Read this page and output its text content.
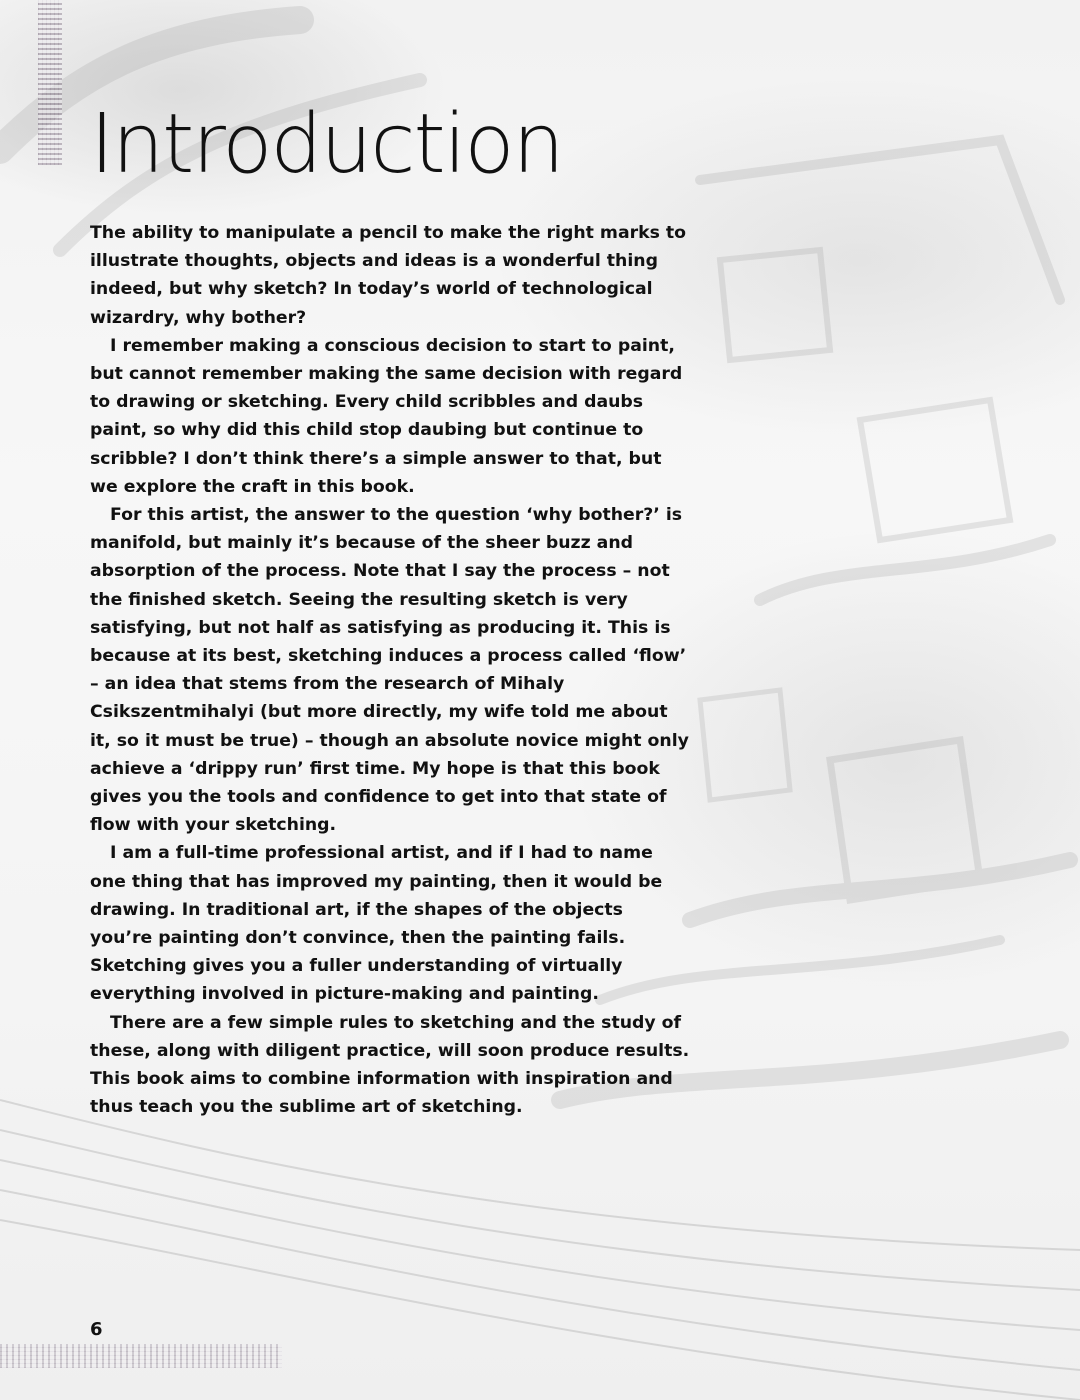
Introduction

The ability to manipulate a pencil to make the right marks to illustrate thoughts, objects and ideas is a wonderful thing indeed, but why sketch? In today’s world of technological wizardry, why bother?

I remember making a conscious decision to start to paint, but cannot remember making the same decision with regard to drawing or sketching. Every child scribbles and daubs paint, so why did this child stop daubing but continue to scribble? I don’t think there’s a simple answer to that, but we explore the craft in this book.

For this artist, the answer to the question ‘why bother?’ is manifold, but mainly it’s because of the sheer buzz and absorption of the process. Note that I say the process – not the finished sketch. Seeing the resulting sketch is very satisfying, but not half as satisfying as producing it. This is because at its best, sketching induces a process called ‘flow’ – an idea that stems from the research of Mihaly Csikszentmihalyi (but more directly, my wife told me about it, so it must be true) – though an absolute novice might only achieve a ‘drippy run’ first time. My hope is that this book gives you the tools and confidence to get into that state of flow with your sketching.

I am a full-time professional artist, and if I had to name one thing that has improved my painting, then it would be drawing. In traditional art, if the shapes of the objects you’re painting don’t convince, then the painting fails. Sketching gives you a fuller understanding of virtually everything involved in picture-making and painting.

There are a few simple rules to sketching and the study of these, along with diligent practice, will soon produce results. This book aims to combine information with inspiration and thus teach you the sublime art of sketching.

6
